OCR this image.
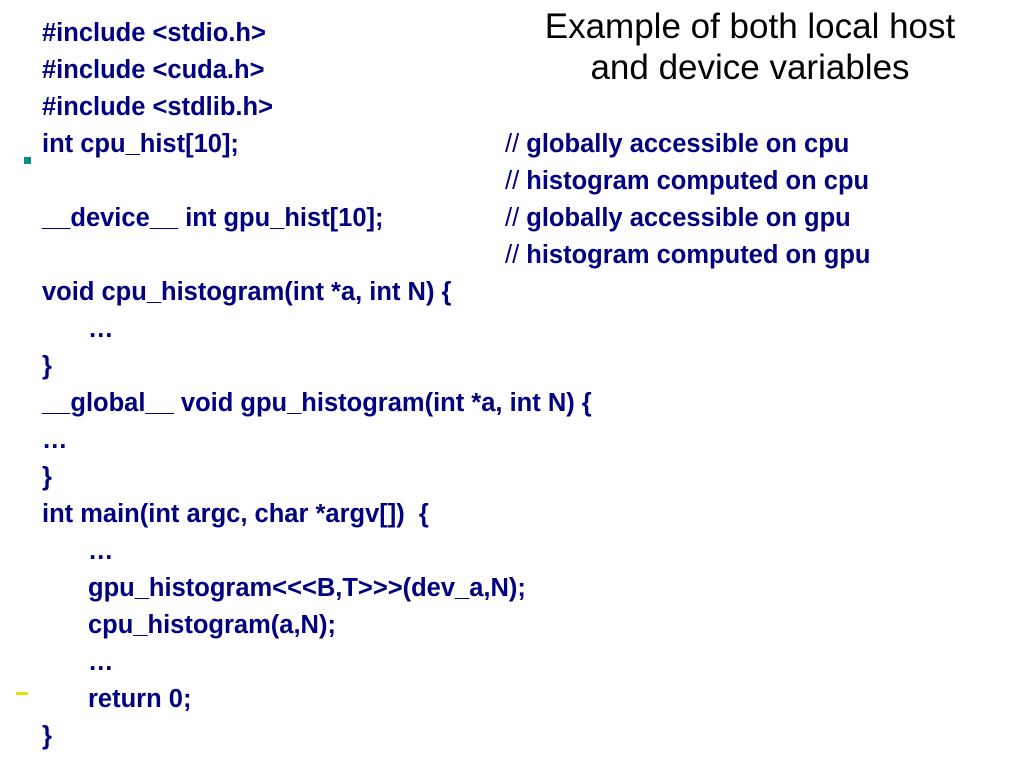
Example of both local host
and device variables
#include <stdio.h>
#include <cuda.h>
#include <stdlib.h>
int cpu_hist[10];
__device__ int gpu_hist[10];
void cpu_histogram(int *a, int N) {
…
}
__global__ void gpu_histogram(int *a, int N) {
…
}
int main(int argc, char *argv[])  {
…
gpu_histogram<<<B,T>>>(dev_a,N);
cpu_histogram(a,N);
…
return 0;
}
// globally accessible on cpu
// histogram computed on cpu
// globally accessible on gpu
// histogram computed on gpu
